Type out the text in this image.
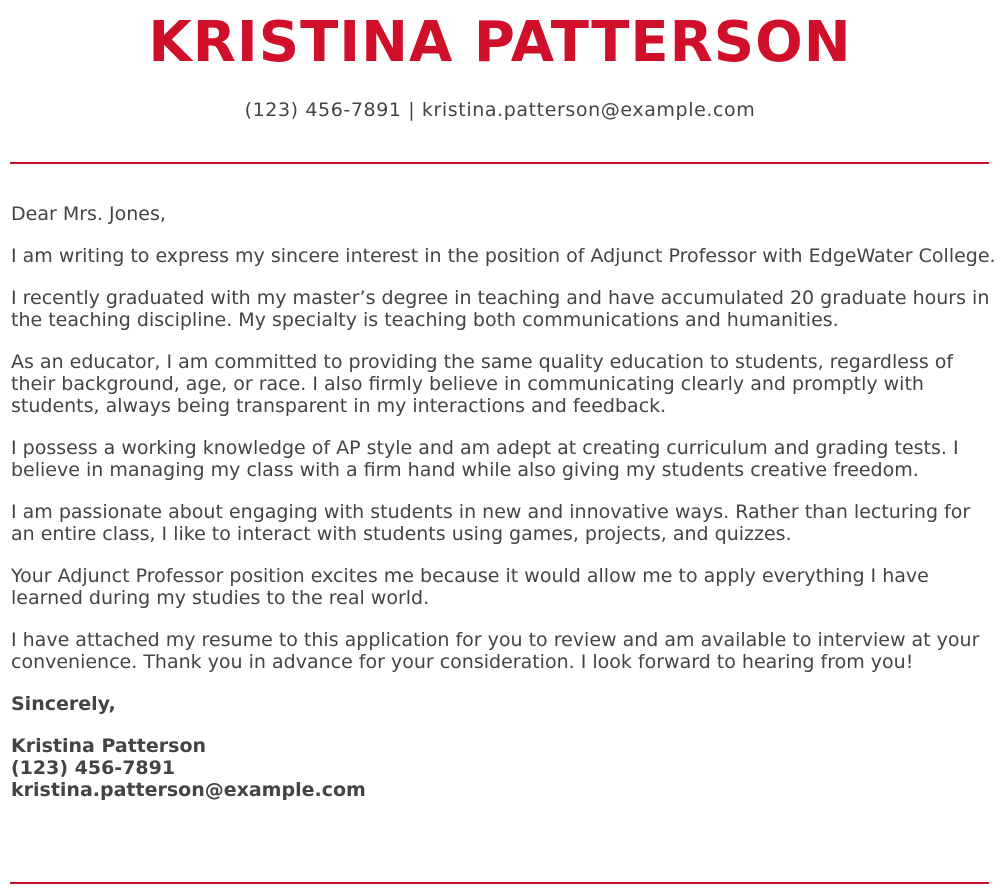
KRISTINA PATTERSON
(123) 456-7891 | kristina.patterson@example.com

Dear Mrs. Jones,

I am writing to express my sincere interest in the position of Adjunct Professor with EdgeWater College.

I recently graduated with my master’s degree in teaching and have accumulated 20 graduate hours in the teaching discipline. My specialty is teaching both communications and humanities.

As an educator, I am committed to providing the same quality education to students, regardless of their background, age, or race. I also firmly believe in communicating clearly and promptly with students, always being transparent in my interactions and feedback.

I possess a working knowledge of AP style and am adept at creating curriculum and grading tests. I believe in managing my class with a firm hand while also giving my students creative freedom.

I am passionate about engaging with students in new and innovative ways. Rather than lecturing for an entire class, I like to interact with students using games, projects, and quizzes.

Your Adjunct Professor position excites me because it would allow me to apply everything I have learned during my studies to the real world.

I have attached my resume to this application for you to review and am available to interview at your convenience. Thank you in advance for your consideration. I look forward to hearing from you!

Sincerely,

Kristina Patterson

(123) 456-7891

kristina.patterson@example.com
